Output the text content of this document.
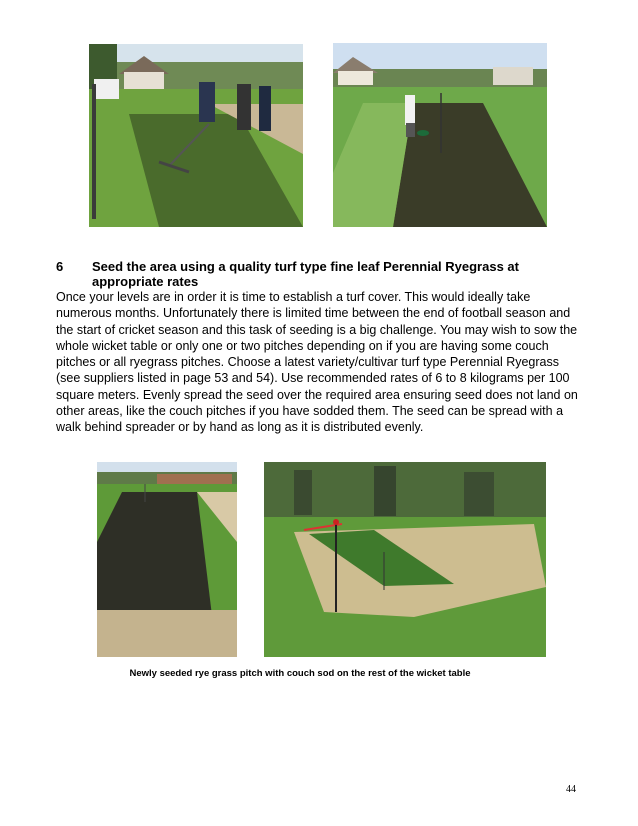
6 Seed the area using a quality turf type fine leaf Perennial Ryegrass at appropriate rates

Once your levels are in order it is time to establish a turf cover. This would ideally take numerous months. Unfortunately there is limited time between the end of football season and the start of cricket season and this task of seeding is a big challenge. You may wish to sow the whole wicket table or only one or two pitches depending on if you are having some couch pitches or all ryegrass pitches. Choose a latest variety/cultivar turf type Perennial Ryegrass (see suppliers listed in page 53 and 54). Use recommended rates of 6 to 8 kilograms per 100 square meters. Evenly spread the seed over the required area ensuring seed does not land on other areas, like the couch pitches if you have sodded them. The seed can be spread with a walk behind spreader or by hand as long as it is distributed evenly.

Newly seeded rye grass pitch with couch sod on the rest of the wicket table
44
